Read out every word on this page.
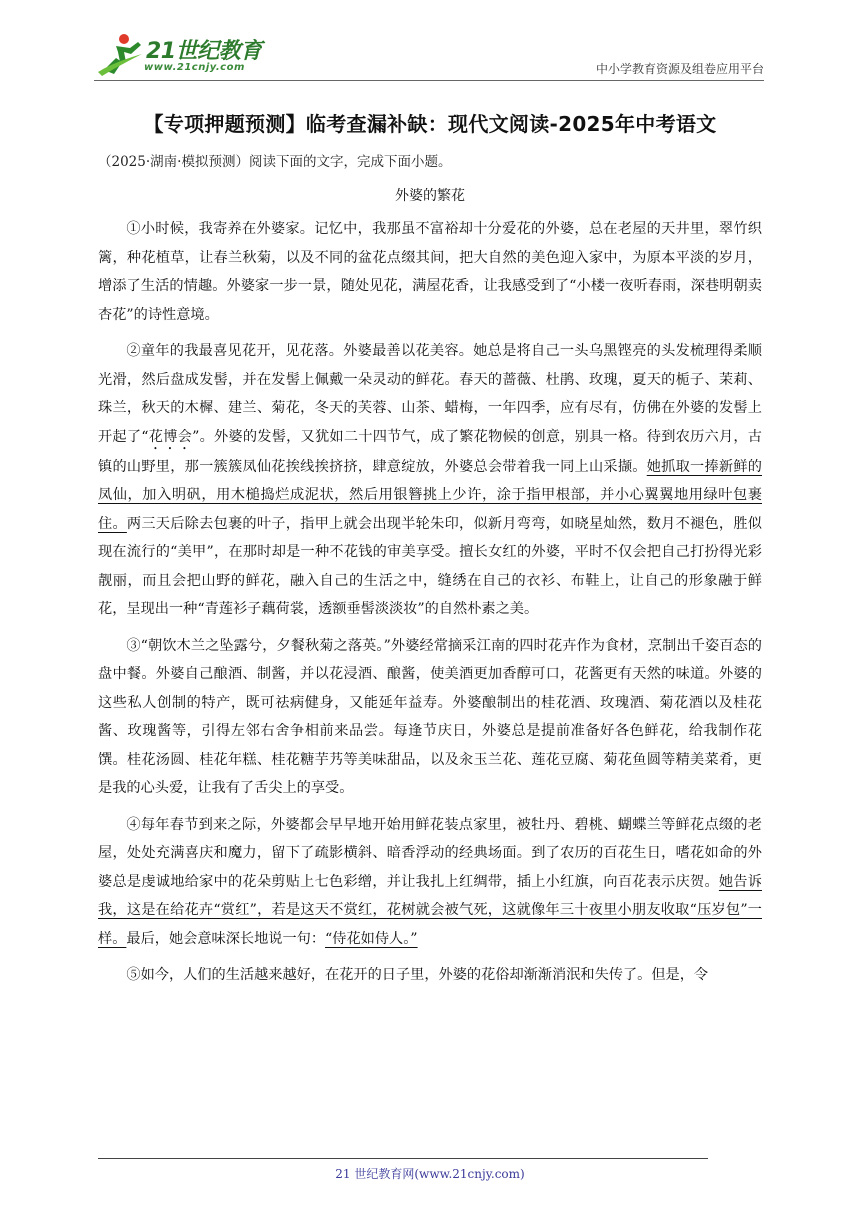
21世纪教育
www.21cnjy.com	中小学教育资源及组卷应用平台
【专项押题预测】临考查漏补缺：现代文阅读-2025年中考语文
（2025·湖南·模拟预测）阅读下面的文字，完成下面小题。
外婆的繁花

①小时候，我寄养在外婆家。记忆中，我那虽不富裕却十分爱花的外婆，总在老屋的天井里，翠竹织篱，种花植草，让春兰秋菊，以及不同的盆花点缀其间，把大自然的美色迎入家中，为原本平淡的岁月，增添了生活的情趣。外婆家一步一景，随处见花，满屋花香，让我感受到了“小楼一夜听春雨，深巷明朝卖杏花”的诗性意境。

②童年的我最喜见花开，见花落。外婆最善以花美容。她总是将自己一头乌黑铿亮的头发梳理得柔顺光滑，然后盘成发髻，并在发髻上佩戴一朵灵动的鲜花。春天的蔷薇、杜鹃、玫瑰，夏天的栀子、茉莉、珠兰，秋天的木樨、建兰、菊花，冬天的芙蓉、山茶、蜡梅，一年四季，应有尽有，仿佛在外婆的发髻上开起了“花博会”。外婆的发髻，又犹如二十四节气，成了繁花物候的创意，别具一格。待到农历六月，古镇的山野里，那一簇簇凤仙花挨线挨挤挤，肆意绽放，外婆总会带着我一同上山采撷。她抓取一捧新鲜的凤仙，加入明矾，用木槌捣烂成泥状，然后用银簪挑上少许，涂于指甲根部，并小心翼翼地用绿叶包裹住。两三天后除去包裹的叶子，指甲上就会出现半轮朱印，似新月弯弯，如晓星灿然，数月不褪色，胜似现在流行的“美甲”，在那时却是一种不花钱的审美享受。擅长女红的外婆，平时不仅会把自己打扮得光彩靓丽，而且会把山野的鲜花，融入自己的生活之中，缝绣在自己的衣衫、布鞋上，让自己的形象融于鲜花，呈现出一种“青莲衫子藕荷裳，透额垂髻淡淡妆”的自然朴素之美。

③“朝饮木兰之坠露兮，夕餐秋菊之落英。”外婆经常摘采江南的四时花卉作为食材，烹制出千姿百态的盘中餐。外婆自己酿酒、制酱，并以花浸酒、酿酱，使美酒更加香醇可口，花酱更有天然的味道。外婆的这些私人创制的特产，既可祛病健身，又能延年益寿。外婆酿制出的桂花酒、玫瑰酒、菊花酒以及桂花酱、玫瑰酱等，引得左邻右舍争相前来品尝。每逢节庆日，外婆总是提前准备好各色鲜花，给我制作花馔。桂花汤圆、桂花年糕、桂花糖芋艿等美味甜品，以及汆玉兰花、莲花豆腐、菊花鱼圆等精美菜肴，更是我的心头爱，让我有了舌尖上的享受。

④每年春节到来之际，外婆都会早早地开始用鲜花装点家里，被牡丹、碧桃、蝴蝶兰等鲜花点缀的老屋，处处充满喜庆和魔力，留下了疏影横斜、暗香浮动的经典场面。到了农历的百花生日，嗜花如命的外婆总是虔诚地给家中的花朵剪贴上七色彩缯，并让我扎上红绸带，插上小红旗，向百花表示庆贺。她告诉我，这是在给花卉“赏红”，若是这天不赏红，花树就会被气死，这就像年三十夜里小朋友收取“压岁包”一样。最后，她会意味深长地说一句：“侍花如侍人。”

⑤如今，人们的生活越来越好，在花开的日子里，外婆的花俗却渐渐消泯和失传了。但是，令

21 世纪教育网(www.21cnjy.com)
